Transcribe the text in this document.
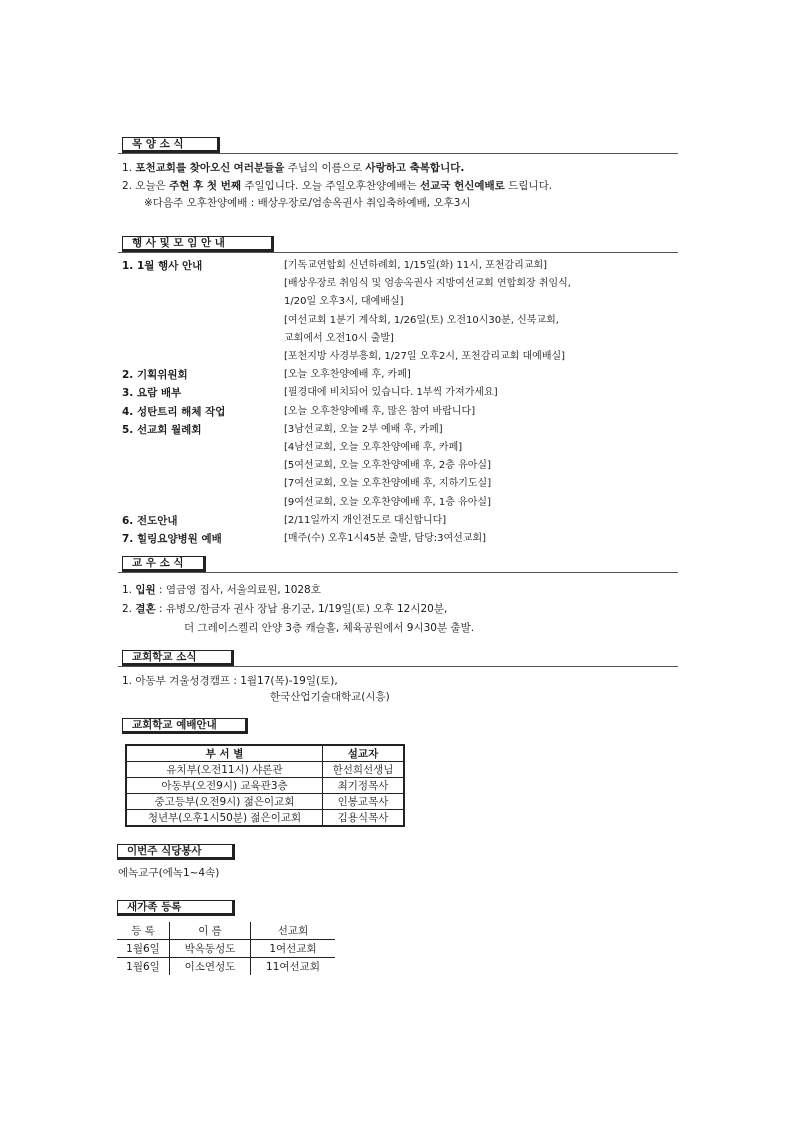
목 양 소 식
1. 포천교회를 찾아오신 여러분들을 주님의 이름으로 사랑하고 축복합니다.
2. 오늘은 주현 후 첫 번째 주일입니다. 오늘 주일오후찬양예배는 선교국 헌신예배로 드립니다.
※다음주 오후찬양예배 : 배상우장로/엄송옥권사 취임축하예배, 오후3시
행 사 및 모 임 안 내
1. 1월 행사 안내	[기독교연합회 신년하례회, 1/15일(화) 11시, 포천감리교회]
[배상우장로 취임식 및 엄송옥권사 지방여선교회 연합회장 취임식,
1/20일 오후3시, 대예배실]
[여선교회 1분기 계삭회, 1/26일(토) 오전10시30분, 신북교회,
교회에서 오전10시 출발]
[포천지방 사경부흥회, 1/27일 오후2시, 포천감리교회 대예배실]
2. 기획위원회	[오늘 오후찬양예배 후, 카페]
3. 요람 배부	[필경대에 비치되어 있습니다. 1부씩 가져가세요]
4. 성탄트리 해체 작업	[오늘 오후찬양예배 후, 많은 참여 바랍니다]
5. 선교회 월례회	[3남선교회, 오늘 2부 예배 후, 카페]
[4남선교회, 오늘 오후찬양예배 후, 카페]
[5여선교회, 오늘 오후찬양예배 후, 2층 유아실]
[7여선교회, 오늘 오후찬양예배 후, 지하기도실]
[9여선교회, 오늘 오후찬양예배 후, 1층 유아실]
6. 전도안내	[2/11일까지 개인전도로 대신합니다]
7. 힐링요양병원 예배	[매주(수) 오후1시45분 출발, 담당:3여선교회]
교 우 소 식
1. 입원 : 염금영 집사, 서울의료원, 1028호
2. 결혼 : 유병오/한금자 권사 장남 용기군, 1/19일(토) 오후 12시20분,
더 그레이스켈리 안양 3층 캐슬홀, 체육공원에서 9시30분 출발.
교회학교 소식
1. 아동부 겨울성경캠프 : 1월17(목)-19일(토),
한국산업기술대학교(시흥)
교회학교 예배안내
부 서 별	설교자
유치부(오전11시) 샤론관	한선희선생님
아동부(오전9시) 교육관3층	최기정목사
중고등부(오전9시) 젊은이교회	인봉교목사
청년부(오후1시50분) 젊은이교회	김용식목사
이번주 식당봉사
에녹교구(에녹1~4속)
새가족 등록
등 록	이 름	선교회
1월6일	박옥동성도	1여선교회
1월6일	이소연성도	11여선교회
